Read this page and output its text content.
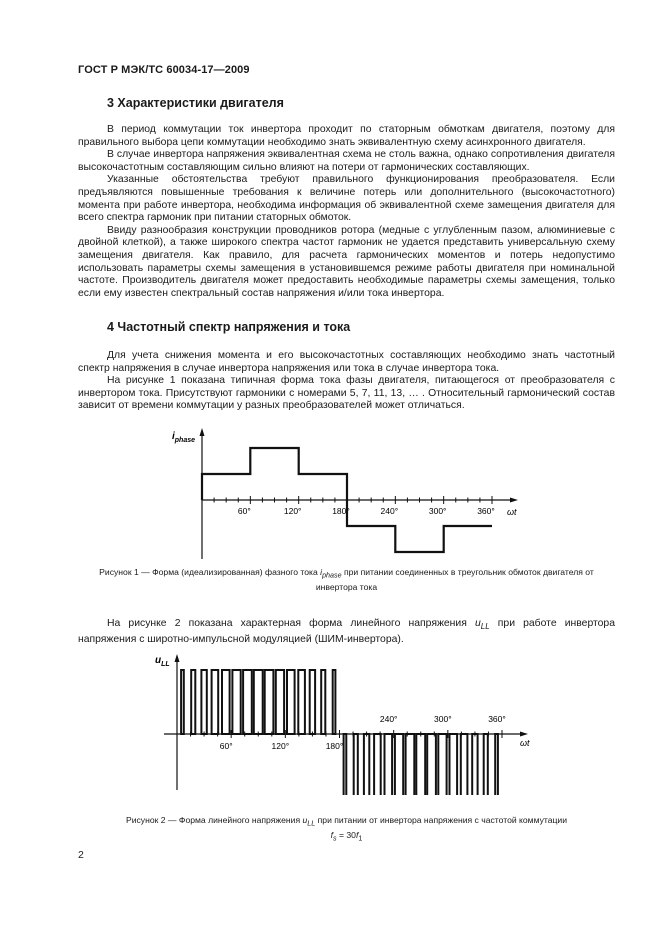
ГОСТ Р МЭК/ТС 60034-17—2009
3 Характеристики двигателя

В период коммутации ток инвертора проходит по статорным обмоткам двигателя, поэтому для правильного выбора цепи коммутации необходимо знать эквивалентную схему асинхронного двигателя.

В случае инвертора напряжения эквивалентная схема не столь важна, однако сопротивления двигателя высокочастотным составляющим сильно влияют на потери от гармонических составляющих.

Указанные обстоятельства требуют правильного функционирования преобразователя. Если предъявляются повышенные требования к величине потерь или дополнительного (высокочастотного) момента при работе инвертора, необходима информация об эквивалентной схеме замещения двигателя для всего спектра гармоник при питании статорных обмоток.

Ввиду разнообразия конструкции проводников ротора (медные с углубленным пазом, алюминиевые с двойной клеткой), а также широкого спектра частот гармоник не удается представить универсальную схему замещения двигателя. Как правило, для расчета гармонических моментов и потерь недопустимо использовать параметры схемы замещения в установившемся режиме работы двигателя при номинальной частоте. Производитель двигателя может предоставить необходимые параметры схемы замещения, только если ему известен спектральный состав напряжения и/или тока инвертора.

4 Частотный спектр напряжения и тока

Для учета снижения момента и его высокочастотных составляющих необходимо знать частотный спектр напряжения в случае инвертора напряжения или тока в случае инвертора тока.

На рисунке 1 показана типичная форма тока фазы двигателя, питающегося от преобразователя с инвертором тока. Присутствуют гармоники с номерами 5, 7, 11, 13, … . Относительный гармонический состав зависит от времени коммутации у разных преобразователей может отличаться.

60°	120°	180°	240°	300°	360°
$i_{phase}$
ωt
Рисунок 1 — Форма (идеализированная) фазного тока $i_{phase}$ при питании соединенных в треугольник обмоток двигателя от инвертора тока

На рисунке 2 показана характерная форма линейного напряжения $u_{LL}$ при работе инвертора напряжения с широтно-импульсной модуляцией (ШИМ-инвертора).

60°	120°	180°
240°	300°	360°
$u_{LL}$
ωt
Рисунок 2 — Форма линейного напряжения $u_{LL}$ при питании от инвертора напряжения с частотой коммутации
$f_s = 30f_1$
2
